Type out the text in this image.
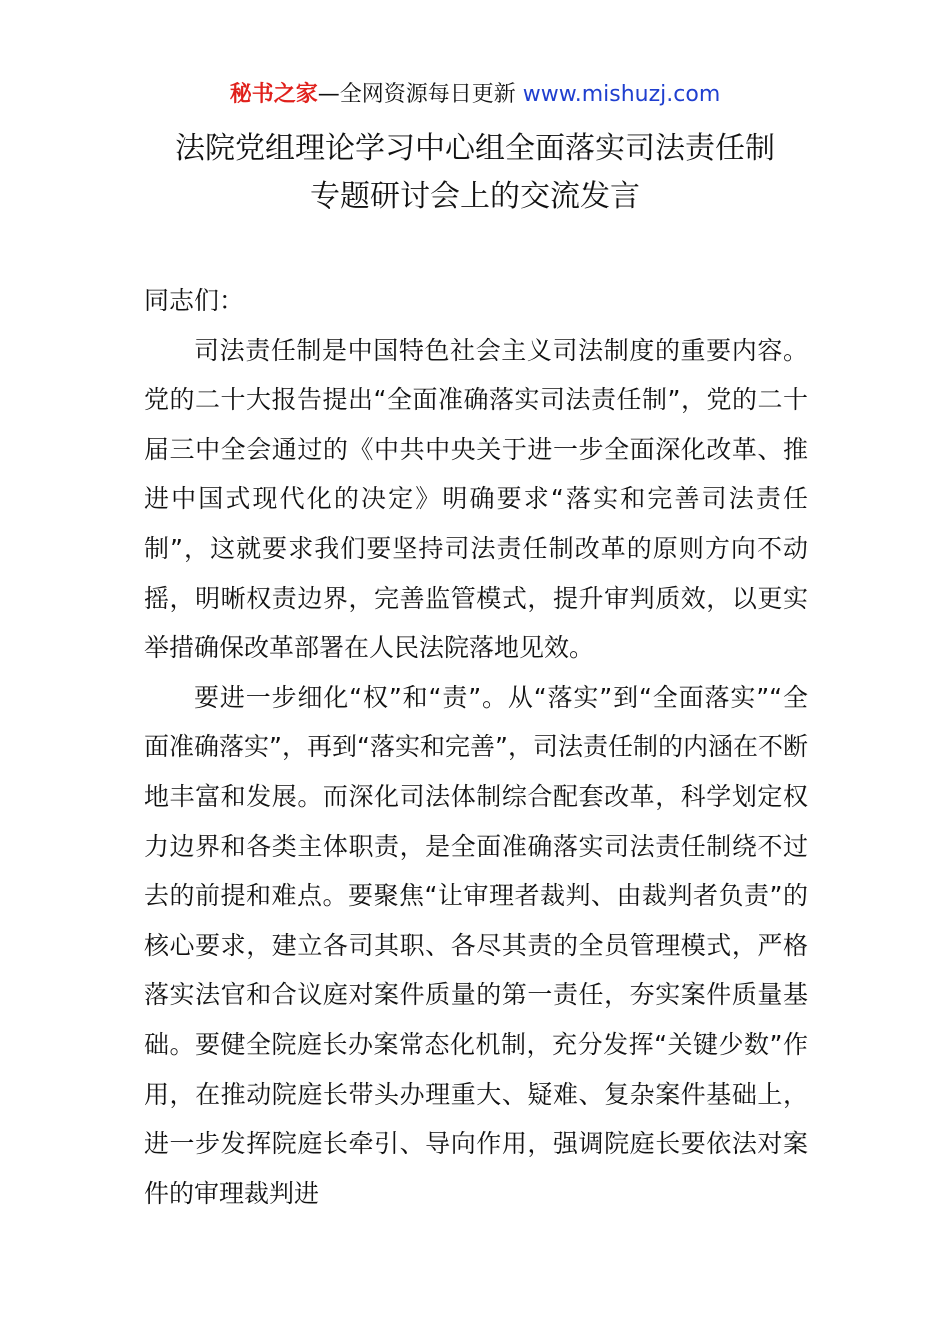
秘书之家—全网资源每日更新 www.mishuzj.com
法院党组理论学习中心组全面落实司法责任制
专题研讨会上的交流发言

同志们：

司法责任制是中国特色社会主义司法制度的重要内容。党的二十大报告提出“全面准确落实司法责任制”，党的二十届三中全会通过的《中共中央关于进一步全面深化改革、推进中国式现代化的决定》明确要求“落实和完善司法责任制”，这就要求我们要坚持司法责任制改革的原则方向不动摇，明晰权责边界，完善监管模式，提升审判质效，以更实举措确保改革部署在人民法院落地见效。

要进一步细化“权”和“责”。从“落实”到“全面落实”“全面准确落实”，再到“落实和完善”，司法责任制的内涵在不断地丰富和发展。而深化司法体制综合配套改革，科学划定权力边界和各类主体职责，是全面准确落实司法责任制绕不过去的前提和难点。要聚焦“让审理者裁判、由裁判者负责”的核心要求，建立各司其职、各尽其责的全员管理模式，严格落实法官和合议庭对案件质量的第一责任，夯实案件质量基础。要健全院庭长办案常态化机制，充分发挥“关键少数”作用，在推动院庭长带头办理重大、疑难、复杂案件基础上，进一步发挥院庭长牵引、导向作用，强调院庭长要依法对案件的审理裁判进
